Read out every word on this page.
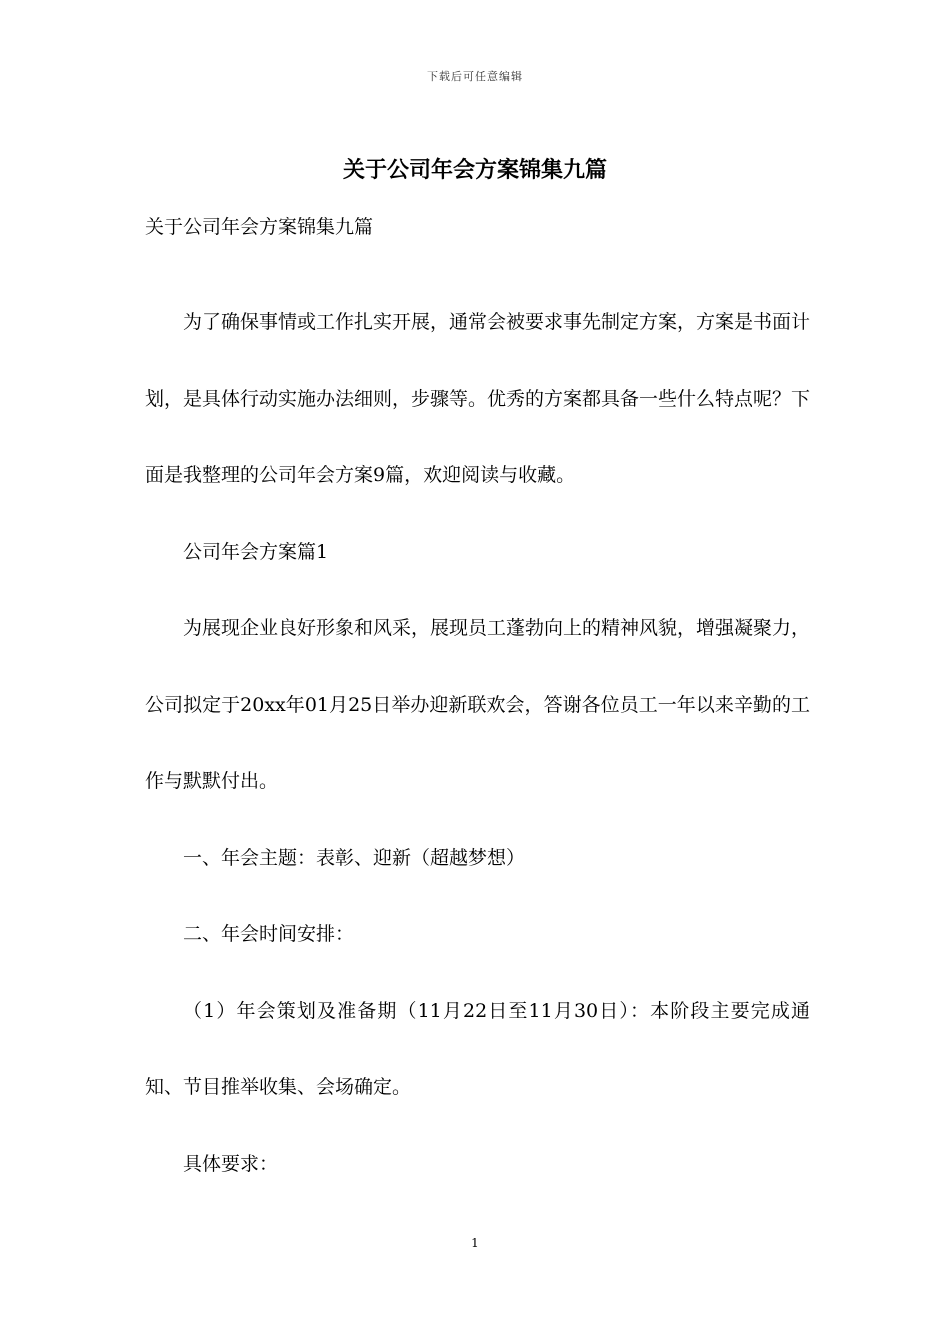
下载后可任意编辑
关于公司年会方案锦集九篇

关于公司年会方案锦集九篇

为了确保事情或工作扎实开展，通常会被要求事先制定方案，方案是书面计划，是具体行动实施办法细则，步骤等。优秀的方案都具备一些什么特点呢？下面是我整理的公司年会方案9篇，欢迎阅读与收藏。

公司年会方案篇1

为展现企业良好形象和风采，展现员工蓬勃向上的精神风貌，增强凝聚力，公司拟定于20xx年01月25日举办迎新联欢会，答谢各位员工一年以来辛勤的工作与默默付出。

一、年会主题：表彰、迎新（超越梦想）

二、年会时间安排：

（1）年会策划及准备期（11月22日至11月30日）：本阶段主要完成通知、节目推举收集、会场确定。

具体要求：

1
